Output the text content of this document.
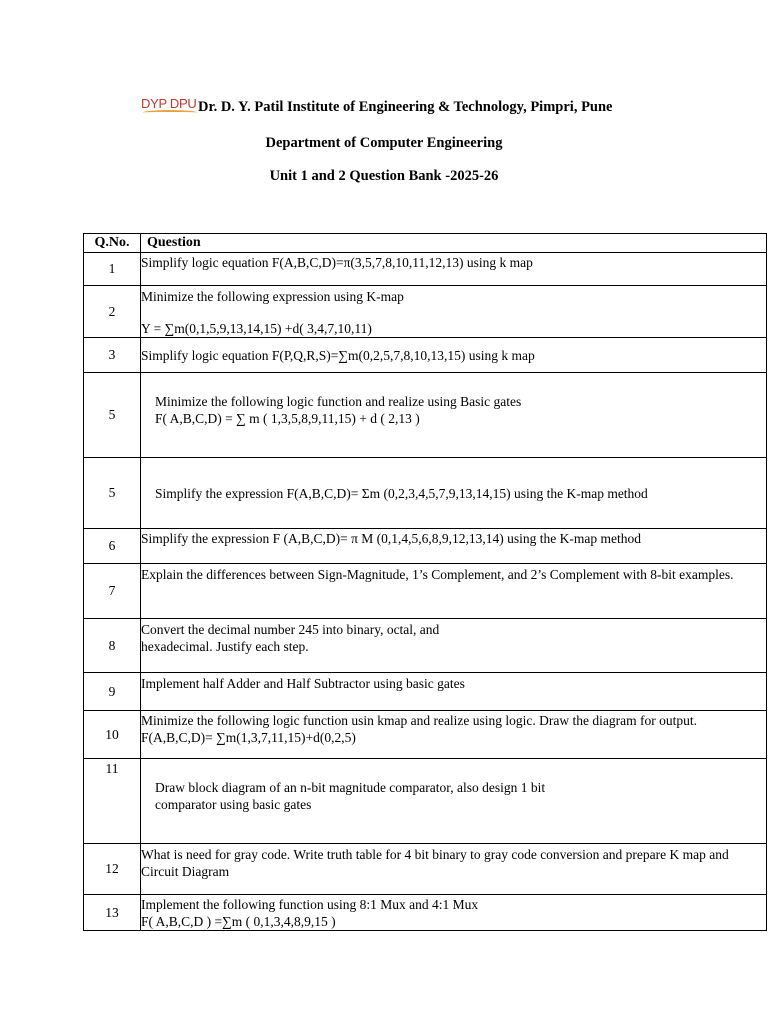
DYP DPU Dr. D. Y. Patil Institute of Engineering & Technology, Pimpri, Pune
Department of Computer Engineering
Unit 1 and 2 Question Bank -2025-26
Q.No.	Question
1	Simplify logic equation F(A,B,C,D)=π(3,5,7,8,10,11,12,13) using k map

2	Minimize the following expression using K-map
Y = ∑m(0,1,5,9,13,14,15) +d( 3,4,7,10,11)

3	Simplify logic equation F(P,Q,R,S)=∑m(0,2,5,7,8,10,13,15) using k map

5	Minimize the following logic function and realize using Basic gates
F( A,B,C,D) = ∑ m ( 1,3,5,8,9,11,15) + d ( 2,13 )

5	Simplify the expression F(A,B,C,D)= Σm (0,2,3,4,5,7,9,13,14,15) using the K-map method

6	Simplify the expression F (A,B,C,D)= π M (0,1,4,5,6,8,9,12,13,14) using the K-map method

7	Explain the differences between Sign-Magnitude, 1’s Complement, and 2’s Complement with 8-bit examples.

8	Convert the decimal number 245 into binary, octal, and
hexadecimal. Justify each step.

9	Implement half Adder and Half Subtractor using basic gates

10	Minimize the following logic function usin kmap and realize using logic. Draw the diagram for output.
F(A,B,C,D)= ∑m(1,3,7,11,15)+d(0,2,5)

11	Draw block diagram of an n-bit magnitude comparator, also design 1 bit
comparator using basic gates

12	What is need for gray code. Write truth table for 4 bit binary to gray code conversion and prepare K map and Circuit Diagram

13	Implement the following function using 8:1 Mux and 4:1 Mux
F( A,B,C,D ) =∑m ( 0,1,3,4,8,9,15 )
